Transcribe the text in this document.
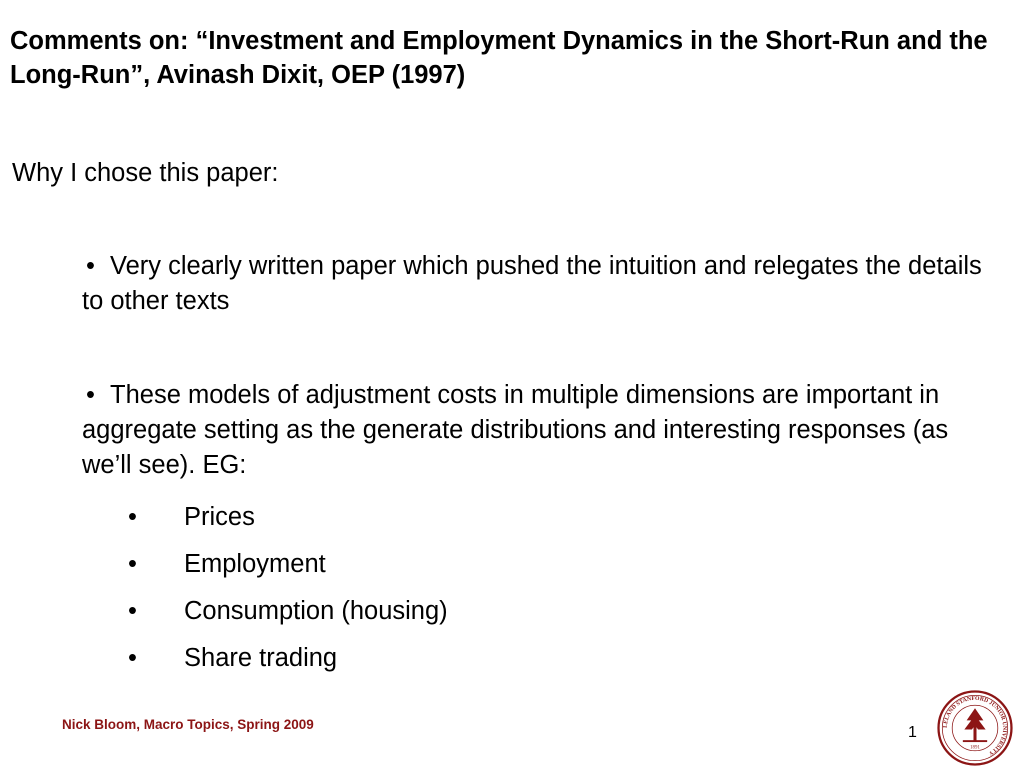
Comments on: “Investment and Employment Dynamics in the Short-Run and the Long-Run”, Avinash Dixit, OEP (1997)

Why I chose this paper:

• Very clearly written paper which pushed the intuition and relegates the details to other texts

• These models of adjustment costs in multiple dimensions are important in aggregate setting as the generate distributions and interesting responses (as we’ll see). EG:

• Prices
• Employment
• Consumption (housing)
• Share trading
Nick Bloom, Macro Topics, Spring 2009	1	LELAND STANFORD JUNIOR UNIVERSITY
1891
